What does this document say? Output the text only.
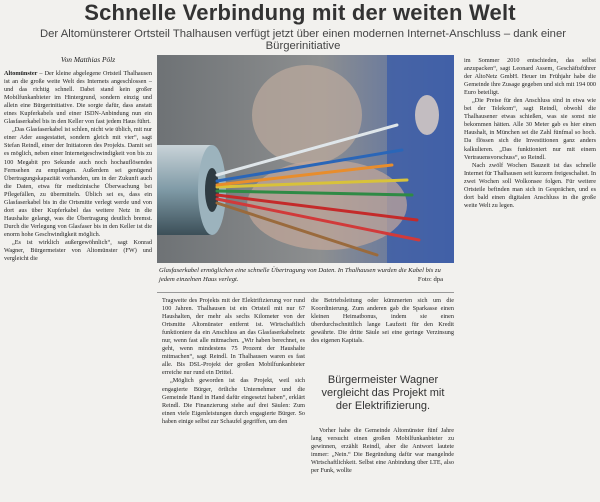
Schnelle Verbindung mit der weiten Welt
Der Altomünsterer Ortsteil Thalhausen verfügt jetzt über einen modernen Internet-Anschluss – dank einer Bürgerinitiative
Von Matthias Pölz

Altomünster – Der kleine abgelegene Ortsteil Thalhausen ist an die große weite Welt des Internets angeschlossen – und das richtig schnell. Dabei stand kein großer Mobilfunkanbieter im Hintergrund, sondern einzig und allein eine Bürgerinitiative. Die sorgte dafür, dass anstatt eines Kupferkabels und einer ISDN-Anbindung nun ein Glasfaserkabel bis in den Keller von fast jedem Haus führt.

„Das Glasfaserkabel ist schlen, nicht wie üblich, mit nur einer Ader ausgestattet, sondern gleich mit vier“, sagt Stefan Reindl, einer der Initiatoren des Projekts. Damit sei es möglich, neben einer Internetgeschwindigkeit von bis zu 100 Megabit pro Sekunde auch noch hochauflösendes Fernsehen zu empfangen. Außerdem sei genügend Übertragungskapazität vorhanden, um in der Zukunft auch die Daten, etwa für medizinische Überwachung bei Pflegefällen, zu übermitteln. Üblich sei es, dass ein Glasfaserkabel bis in die Ortsmitte verlegt werde und von dort aus über Kupferkabel das weitere Netz in die Haushalte gelangt, was die Übertragung deutlich bremst. Durch die Verlegung von Glasfaser bis in den Keller ist die enorm hohe Geschwindigkeit möglich.

„Es ist wirklich außergewöhnlich“, sagt Konrad Wagner, Bürgermeister von Altomünster (FW) und vergleicht die

Glasfaserkabel ermöglichen eine schnelle Übertragung von Daten. In Thalhausen wurden die Kabel bis zu jedem einzelnen Haus verlegt.	Foto: dpa

Tragweite des Projekts mit der Elektrifizierung vor rund 100 Jahren. Thalhausen ist ein Ortsteil mit nur 67 Haushalten, der mehr als sechs Kilometer von der Ortsmitte Altomünster entfernt ist. Wirtschaftlich funktioniere da ein Anschluss an das Glasfaserkabelnetz nur, wenn fast alle mitmachen. „Wir haben berechnet, es geht, wenn mindestens 75 Prozent der Haushalte mitmachen“, sagt Reindl. In Thalhausen waren es fast alle. Bis DSL-Projekt der großen Mobilfunkanbieter erreiche nur rund ein Drittel.

„Möglich geworden ist das Projekt, weil sich engagierte Bürger, örtliche Unternehmer und die Gemeinde Hand in Hand dafür eingesetzt haben“, erklärt Reindl. Die Finanzierung stehe auf drei Säulen: Zum einen viele Eigenleistungen durch engagierte Bürger. So haben einige selbst zur Schaufel gegriffen, um den

die Betriebsleitung oder kümmerten sich um die Koordinierung. Zum anderen gab die Sparkasse einen kleinen Heimatbonus, indem sie einen überdurchschnittlich lange Laufzeit für den Kredit gewährte. Die dritte Säule sei eine geringe Verzinsung des eigenen Kapitals.

Bürgermeister Wagner vergleicht das Projekt mit der Elektrifizierung.

Vorher habe die Gemeinde Altomünster fünf Jahre lang versucht einen großen Mobilfunkanbieter zu gewinnen, erzählt Reindl, aber die Antwort lautete immer: „Nein.“ Die Begründung dafür war mangelnde Wirtschaftlichkeit. Selbst eine Anbindung über LTE, also per Funk, wollte

im Sommer 2010 entschieden, das selbst anzupacken“, sagt Leonard Assem, Geschäftsführer der AltoNetz GmbH. Heuer im Frühjahr habe die Gemeinde ihre Zusage gegeben und sich mit 194 000 Euro beteiligt.

„Die Preise für den Anschluss sind in etwa wie bei der Telekom“, sagt Reindl, obwohl die Thalhausener etwas schießen, was sie sonst nie bekommen hätten. Alle 30 Meter gab es hier einen Haushalt, in München sei die Zahl fünfmal so hoch. Da flössen sich die Investitionen ganz anders kalkulieren. „Das funktioniert nur mit einem Vertrauensvorschuss“, so Reindl.

Nach zwölf Wochen Bauzeit ist das schnelle Internet für Thalhausen seit kurzem freigeschaltet. In zwei Wochen soll Wolkonsee folgen. Für weitere Ortsteile befinden man sich in Gesprächen, und es dort bald einen digitalen Anschluss in die große weite Welt zu legen.
